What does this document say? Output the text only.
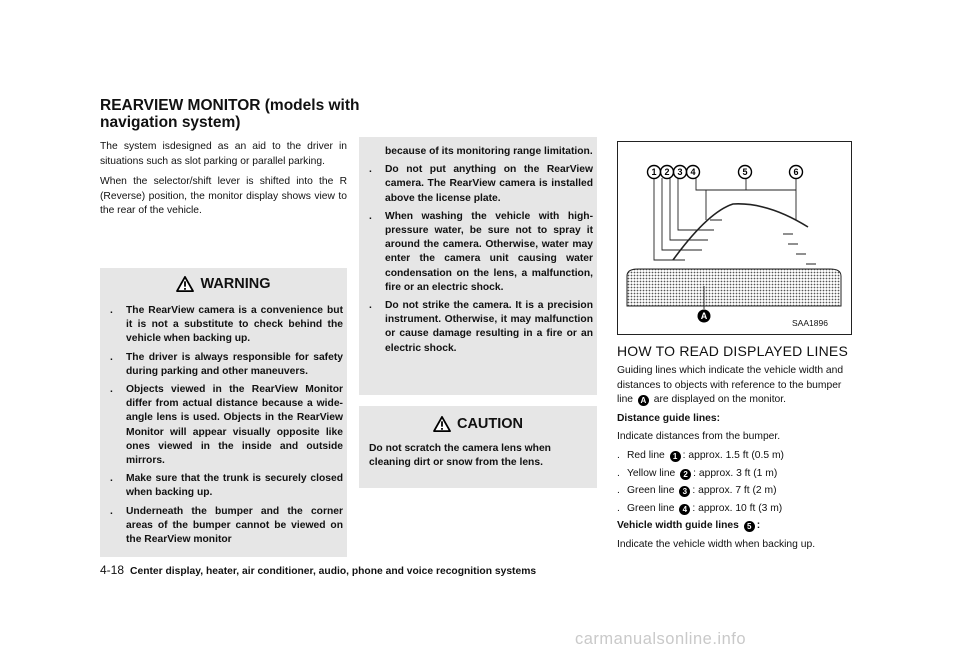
REARVIEW MONITOR (models with
navigation system)

The system isdesigned as an aid to the driver in situations such as slot parking or parallel parking.

When the selector/shift lever is shifted into the R (Reverse) position, the monitor display shows view to the rear of the vehicle.

WARNING
. The RearView camera is a convenience but it is not a substitute to check behind the vehicle when backing up.
. The driver is always responsible for safety during parking and other maneuvers.
. Objects viewed in the RearView Monitor differ from actual distance because a wide-angle lens is used. Objects in the RearView Monitor will appear visually opposite like ones viewed in the inside and outside mirrors.
. Make sure that the trunk is securely closed when backing up.
. Underneath the bumper and the corner areas of the bumper cannot be viewed on the RearView monitor
because of its monitoring range limitation.
. Do not put anything on the RearView camera. The RearView camera is installed above the license plate.
. When washing the vehicle with high-pressure water, be sure not to spray it around the camera. Otherwise, water may enter the camera unit causing water condensation on the lens, a malfunction, fire or an electric shock.
. Do not strike the camera. It is a precision instrument. Otherwise, it may malfunction or cause damage resulting in a fire or an electric shock.
CAUTION
Do not scratch the camera lens when cleaning dirt or snow from the lens.
1 2 3 4	5	6
A
SAA1896
HOW TO READ DISPLAYED LINES

Guiding lines which indicate the vehicle width and distances to objects with reference to the bumper line A are displayed on the monitor.

Distance guide lines:

Indicate distances from the bumper.

. Red line 1 : approx. 1.5 ft (0.5 m)
. Yellow line 2 : approx. 3 ft (1 m)
. Green line 3 : approx. 7 ft (2 m)
. Green line 4 : approx. 10 ft (3 m)

Vehicle width guide lines 5 :

Indicate the vehicle width when backing up.

4-18 Center display, heater, air conditioner, audio, phone and voice recognition systems
carmanualsonline.info
